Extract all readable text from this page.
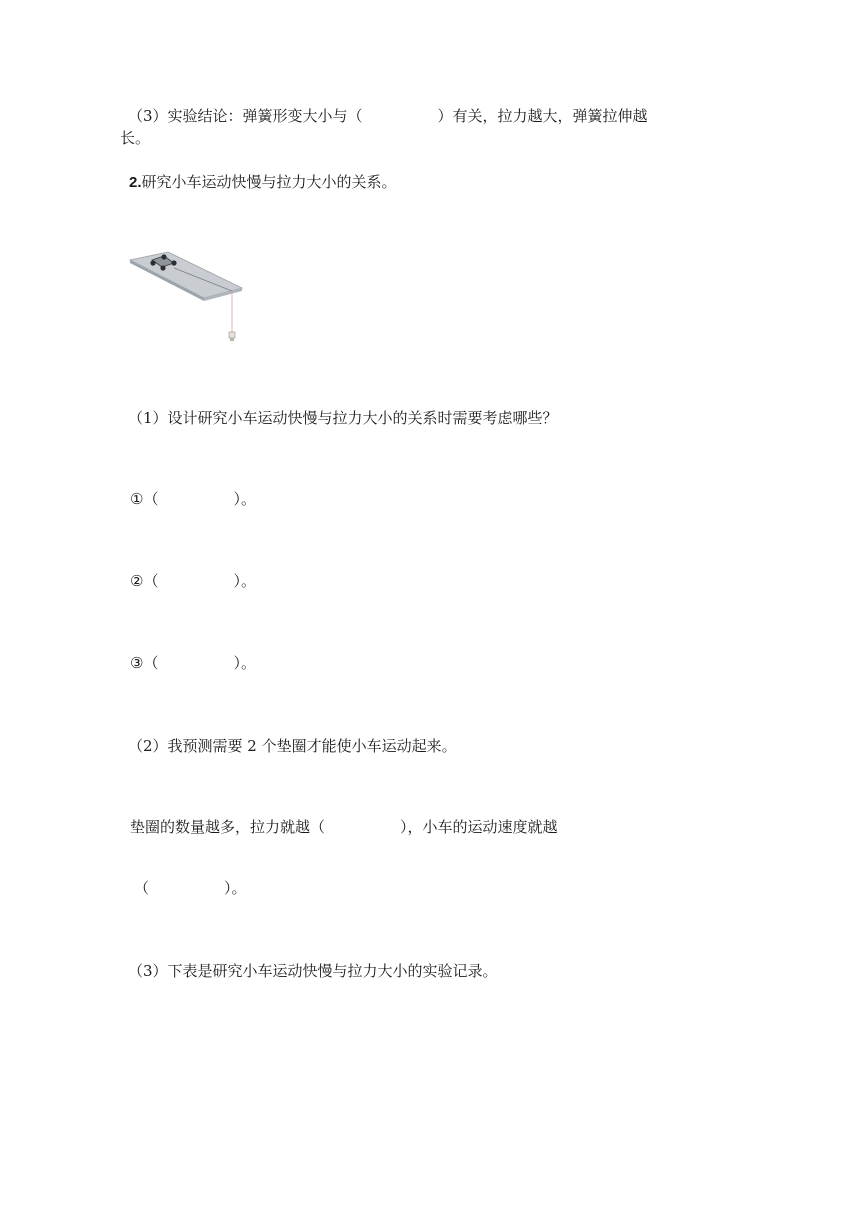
（3）实验结论：弹簧形变大小与（　　　　　）有关，拉力越大，弹簧拉伸越
长。
2.研究小车运动快慢与拉力大小的关系。
（1）设计研究小车运动快慢与拉力大小的关系时需要考虑哪些？
①（　　　　　）。
②（　　　　　）。
③（　　　　　）。
（2）我预测需要 2 个垫圈才能使小车运动起来。
垫圈的数量越多，拉力就越（　　　　　），小车的运动速度就越
（　　　　　）。
（3）下表是研究小车运动快慢与拉力大小的实验记录。
